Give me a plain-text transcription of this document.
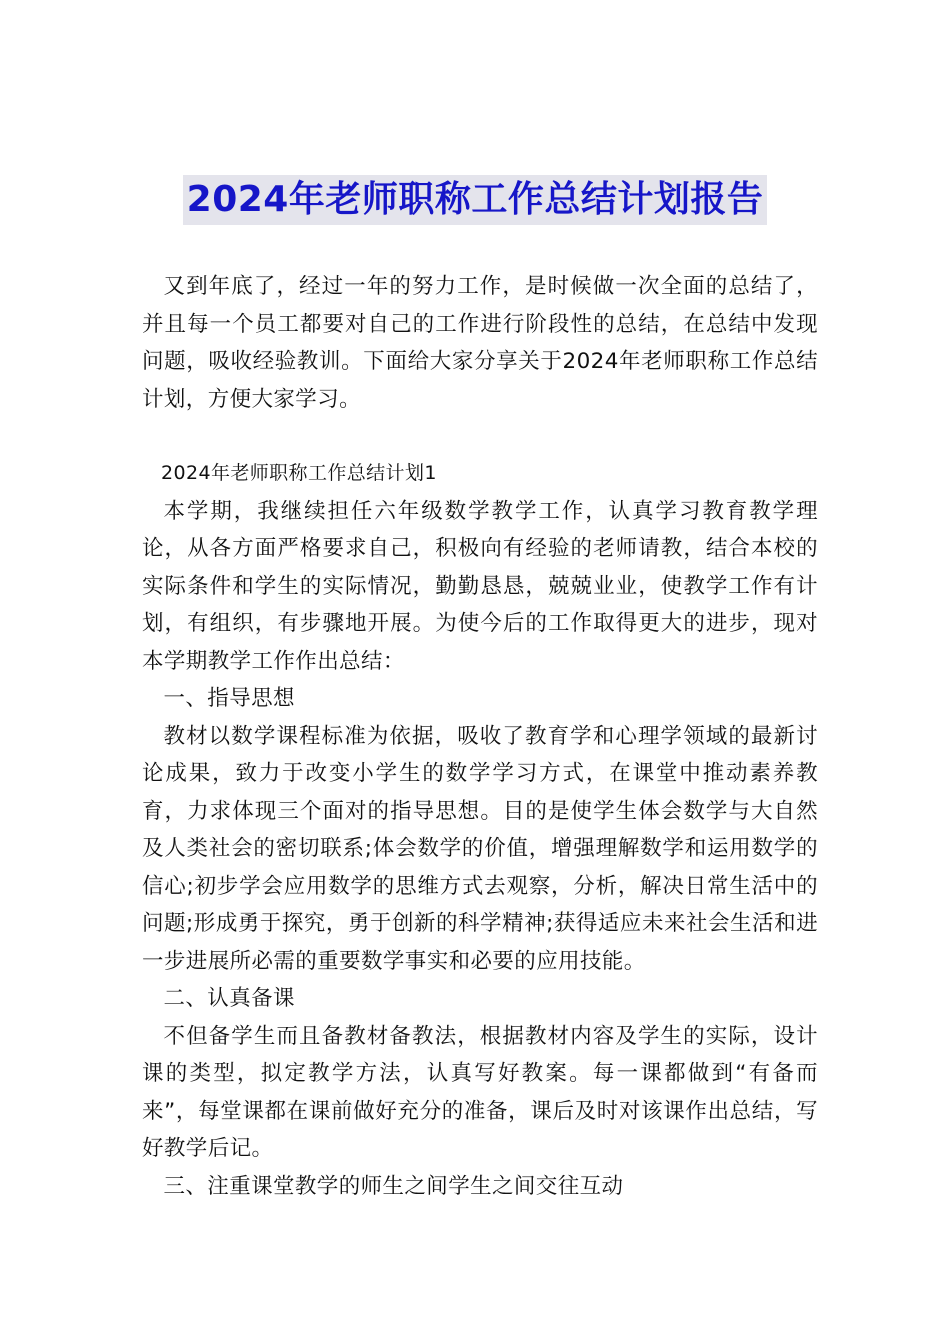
2024年老师职称工作总结计划报告

又到年底了，经过一年的努力工作，是时候做一次全面的总结了，并且每一个员工都要对自己的工作进行阶段性的总结，在总结中发现问题，吸收经验教训。下面给大家分享关于2024年老师职称工作总结计划，方便大家学习。

2024年老师职称工作总结计划1

本学期，我继续担任六年级数学教学工作，认真学习教育教学理论，从各方面严格要求自己，积极向有经验的老师请教，结合本校的实际条件和学生的实际情况，勤勤恳恳，兢兢业业，使教学工作有计划，有组织，有步骤地开展。为使今后的工作取得更大的进步，现对本学期教学工作作出总结：

一、指导思想

教材以数学课程标准为依据，吸收了教育学和心理学领域的最新讨论成果，致力于改变小学生的数学学习方式，在课堂中推动素养教育，力求体现三个面对的指导思想。目的是使学生体会数学与大自然及人类社会的密切联系;体会数学的价值，增强理解数学和运用数学的信心;初步学会应用数学的思维方式去观察，分析，解决日常生活中的问题;形成勇于探究，勇于创新的科学精神;获得适应未来社会生活和进一步进展所必需的重要数学事实和必要的应用技能。

二、认真备课

不但备学生而且备教材备教法，根据教材内容及学生的实际，设计课的类型，拟定教学方法，认真写好教案。每一课都做到“有备而来”，每堂课都在课前做好充分的准备，课后及时对该课作出总结，写好教学后记。

三、注重课堂教学的师生之间学生之间交往互动
